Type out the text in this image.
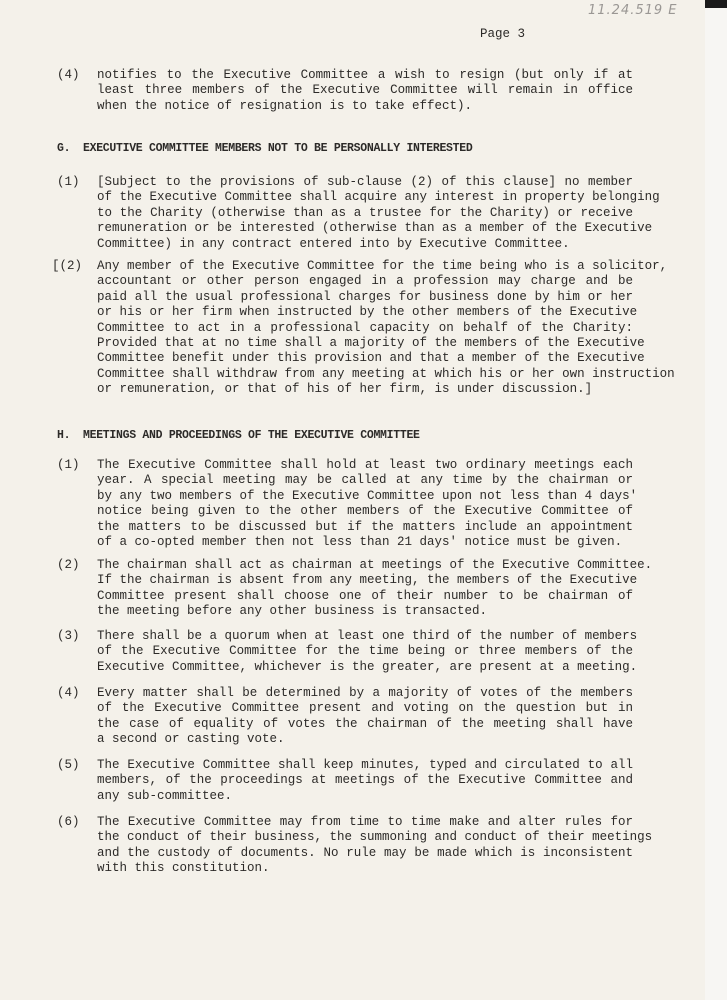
11.24.519 E
Page 3
(4) notifies to the Executive Committee a wish to resign (but only if at
least three members of the Executive Committee will remain in office
when the notice of resignation is to take effect).
G. EXECUTIVE COMMITTEE MEMBERS NOT TO BE PERSONALLY INTERESTED
(1) [Subject to the provisions of sub-clause (2) of this clause] no member
of the Executive Committee shall acquire any interest in property belonging
to the Charity (otherwise than as a trustee for the Charity) or receive
remuneration or be interested (otherwise than as a member of the Executive
Committee) in any contract entered into by Executive Committee.
[(2) Any member of the Executive Committee for the time being who is a solicitor,
accountant or other person engaged in a profession may charge and be
paid all the usual professional charges for business done by him or her
or his or her firm when instructed by the other members of the Executive
Committee to act in a professional capacity on behalf of the Charity:
Provided that at no time shall a majority of the members of the Executive
Committee benefit under this provision and that a member of the Executive
Committee shall withdraw from any meeting at which his or her own instruction
or remuneration, or that of his of her firm, is under discussion.]
H. MEETINGS AND PROCEEDINGS OF THE EXECUTIVE COMMITTEE
(1) The Executive Committee shall hold at least two ordinary meetings each
year. A special meeting may be called at any time by the chairman or
by any two members of the Executive Committee upon not less than 4 days'
notice being given to the other members of the Executive Committee of
the matters to be discussed but if the matters include an appointment
of a co-opted member then not less than 21 days' notice must be given.
(2) The chairman shall act as chairman at meetings of the Executive Committee.
If the chairman is absent from any meeting, the members of the Executive
Committee present shall choose one of their number to be chairman of
the meeting before any other business is transacted.
(3) There shall be a quorum when at least one third of the number of members
of the Executive Committee for the time being or three members of the
Executive Committee, whichever is the greater, are present at a meeting.
(4) Every matter shall be determined by a majority of votes of the members
of the Executive Committee present and voting on the question but in
the case of equality of votes the chairman of the meeting shall have
a second or casting vote.
(5) The Executive Committee shall keep minutes, typed and circulated to all
members, of the proceedings at meetings of the Executive Committee and
any sub-committee.
(6) The Executive Committee may from time to time make and alter rules for
the conduct of their business, the summoning and conduct of their meetings
and the custody of documents. No rule may be made which is inconsistent
with this constitution.
